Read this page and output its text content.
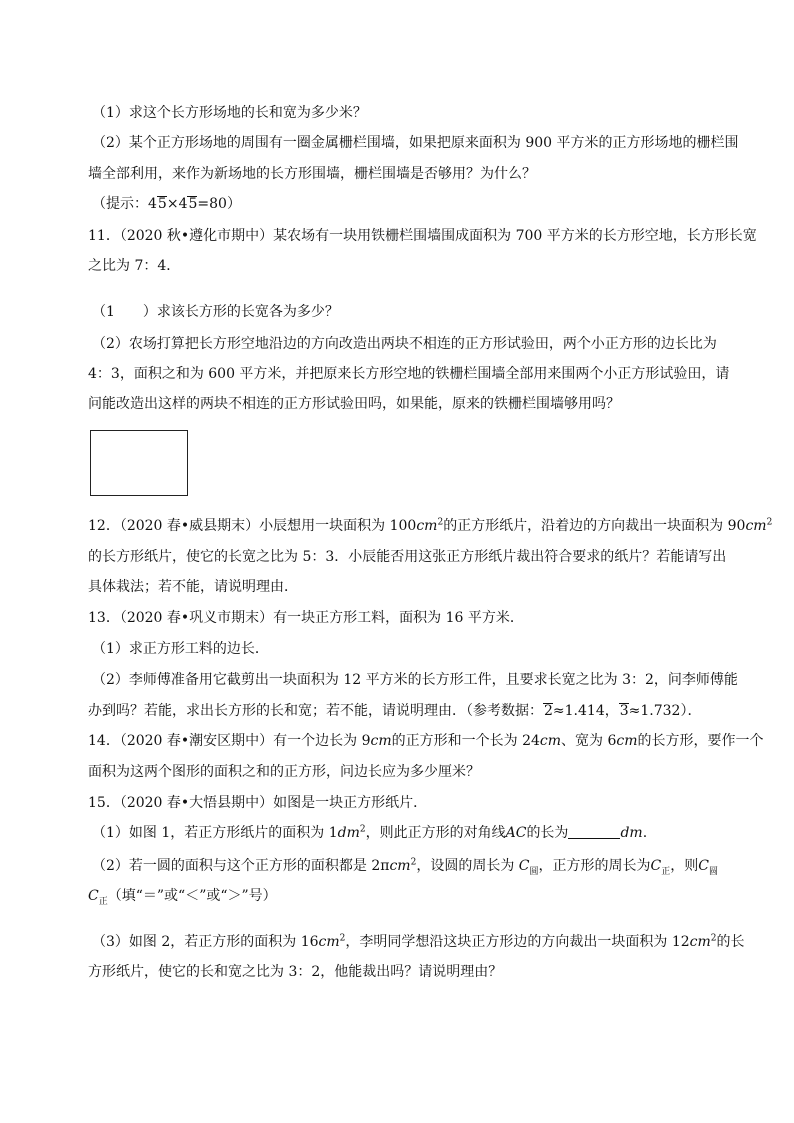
（1）求这个长方形场地的长和宽为多少米？
（2）某个正方形场地的周围有一圈金属栅栏围墙，如果把原来面积为 900 平方米的正方形场地的栅栏围
墙全部利用，来作为新场地的长方形围墙，栅栏围墙是否够用？为什么？
（提示：45×45=80）
11．（2020 秋•遵化市期中）某农场有一块用铁栅栏围墙围成面积为 700 平方米的长方形空地，长方形长宽
之比为 7：4．
（1　　）求该长方形的长宽各为多少？
（2）农场打算把长方形空地沿边的方向改造出两块不相连的正方形试验田，两个小正方形的边长比为
4：3，面积之和为 600 平方米，并把原来长方形空地的铁栅栏围墙全部用来围两个小正方形试验田，请
问能改造出这样的两块不相连的正方形试验田吗，如果能，原来的铁栅栏围墙够用吗？
12．（2020 春•威县期末）小辰想用一块面积为 $100cm^2$的正方形纸片，沿着边的方向裁出一块面积为 $90cm^2$
的长方形纸片，使它的长宽之比为 5：3．小辰能否用这张正方形纸片裁出符合要求的纸片？若能请写出
具体栽法；若不能，请说明理由．
13．（2020 春•巩义市期末）有一块正方形工料，面积为 16 平方米．
（1）求正方形工料的边长．
（2）李师傅准备用它截剪出一块面积为 12 平方米的长方形工件，且要求长宽之比为 3：2，问李师傅能
办到吗？若能，求出长方形的长和宽；若不能，请说明理由．（参考数据：2≈1.414，3≈1.732）．
14．（2020 春•潮安区期中）有一个边长为 9cm的正方形和一个长为 24cm、宽为 6cm的长方形，要作一个
面积为这两个图形的面积之和的正方形，问边长应为多少厘米？
15．（2020 春•大悟县期中）如图是一块正方形纸片．
（1）如图 1，若正方形纸片的面积为 $1dm^2$，则此正方形的对角线AC的长为	dm.
（2）若一圆的面积与这个正方形的面积都是 2πcm$^2$，设圆的周长为 $C_圆$，正方形的周长为$C_正$，则$C_圆$
$C_正$（填“＝”或“＜”或“＞”号）
（3）如图 2，若正方形的面积为 $16cm^2$，李明同学想沿这块正方形边的方向裁出一块面积为 $12cm^2$的长
方形纸片，使它的长和宽之比为 3：2，他能裁出吗？请说明理由？
